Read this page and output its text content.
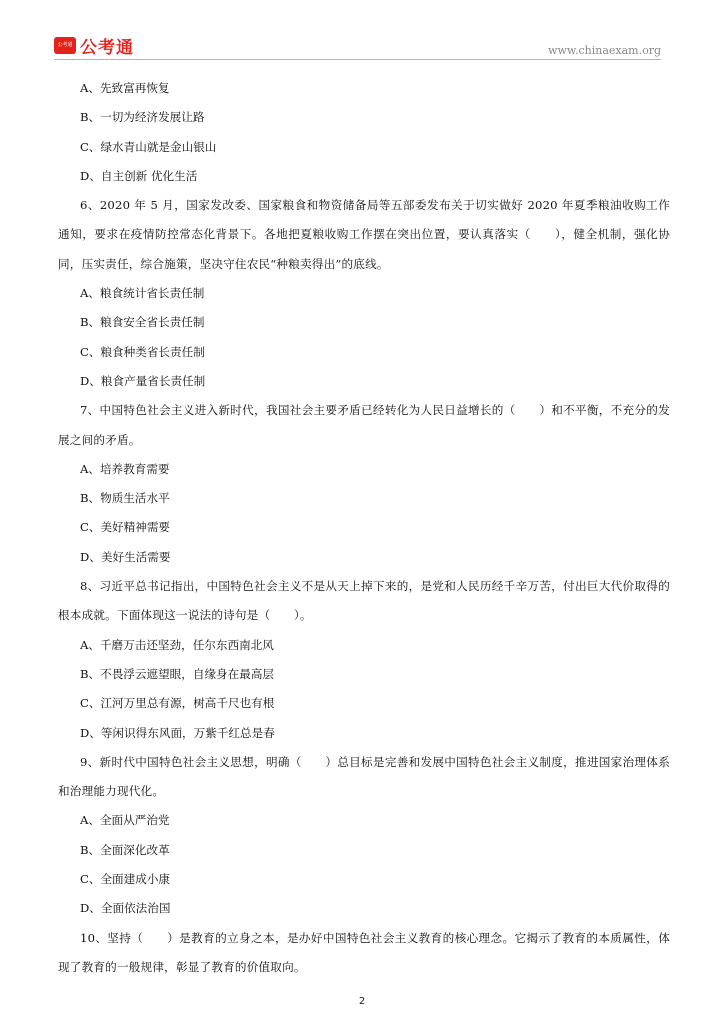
公考通 公考通	www.chinaexam.org
A、先致富再恢复
B、一切为经济发展让路
C、绿水青山就是金山银山
D、自主创新 优化生活
6、2020 年 5 月，国家发改委、国家粮食和物资储备局等五部委发布关于切实做好 2020 年夏季粮油收购工作通知，要求在疫情防控常态化背景下。各地把夏粮收购工作摆在突出位置，要认真落实（　　），健全机制，强化协同，压实责任，综合施策，坚决守住农民“种粮卖得出”的底线。
A、粮食统计省长责任制
B、粮食安全省长责任制
C、粮食种类省长责任制
D、粮食产量省长责任制
7、中国特色社会主义进入新时代，我国社会主要矛盾已经转化为人民日益增长的（　　）和不平衡，不充分的发展之间的矛盾。
A、培养教育需要
B、物质生活水平
C、美好精神需要
D、美好生活需要
8、习近平总书记指出，中国特色社会主义不是从天上掉下来的，是党和人民历经千辛万苦，付出巨大代价取得的根本成就。下面体现这一说法的诗句是（　　）。
A、千磨万击还坚劲，任尔东西南北风
B、不畏浮云遮望眼，自缘身在最高层
C、江河万里总有源，树高千尺也有根
D、等闲识得东风面，万紫千红总是春
9、新时代中国特色社会主义思想，明确（　　）总目标是完善和发展中国特色社会主义制度，推进国家治理体系和治理能力现代化。
A、全面从严治党
B、全面深化改革
C、全面建成小康
D、全面依法治国
10、坚持（　　）是教育的立身之本，是办好中国特色社会主义教育的核心理念。它揭示了教育的本质属性，体现了教育的一般规律，彰显了教育的价值取向。
2
